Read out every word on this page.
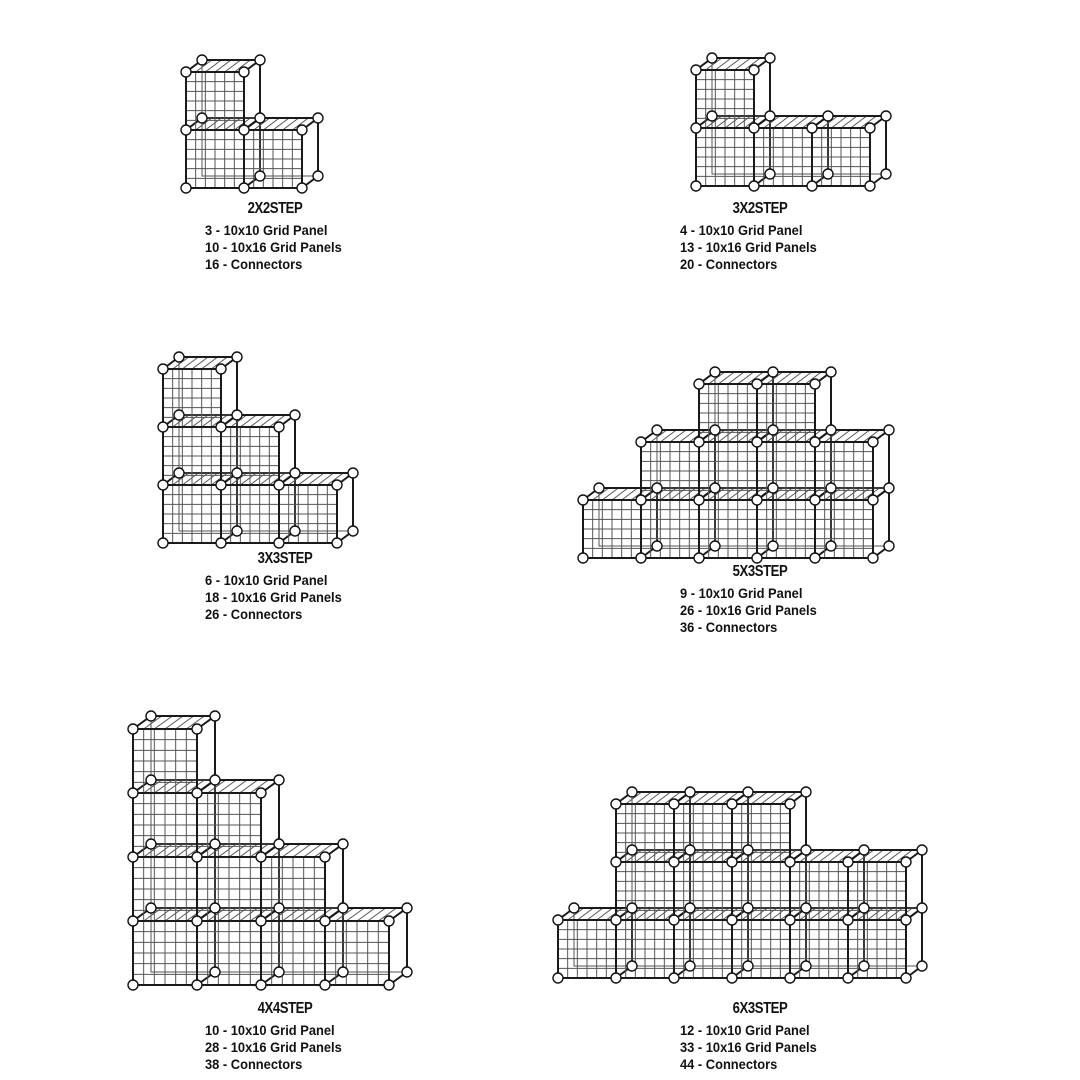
2X2STEP
3 - 10x10 Grid Panel
10 - 10x16 Grid Panels
16 - Connectors
3X2STEP
4 - 10x10 Grid Panel
13 - 10x16 Grid Panels
20 - Connectors
3X3STEP
6 - 10x10 Grid Panel
18 - 10x16 Grid Panels
26 - Connectors
5X3STEP
9 - 10x10 Grid Panel
26 - 10x16 Grid Panels
36 - Connectors
4X4STEP
10 - 10x10 Grid Panel
28 - 10x16 Grid Panels
38 - Connectors
6X3STEP
12 - 10x10 Grid Panel
33 - 10x16 Grid Panels
44 - Connectors
